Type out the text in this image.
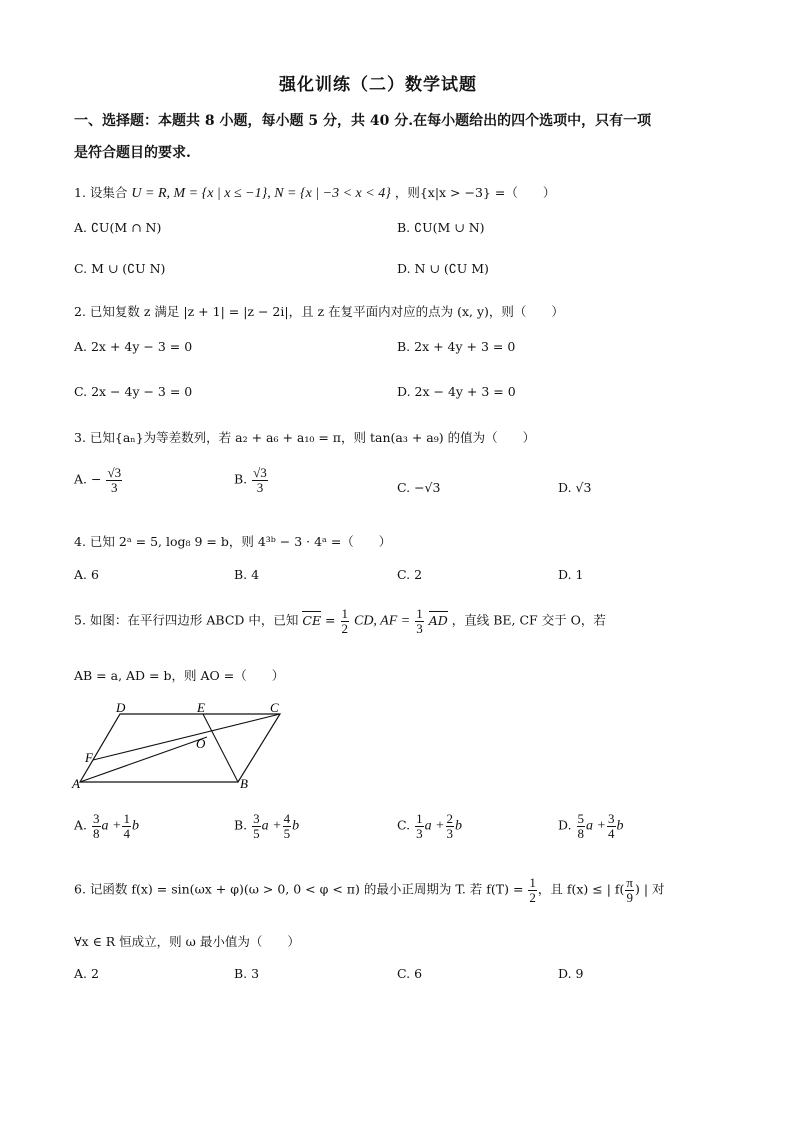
强化训练（二）数学试题
一、选择题：本题共 8 小题，每小题 5 分，共 40 分.在每小题给出的四个选项中，只有一项
是符合题目的要求.
1. 设集合 U = R, M = {x | x ≤ −1}, N = {x | −3 < x < 4} ，则{x|x > −3} =（　　）
A. ∁U(M ∩ N)	B. ∁U(M ∪ N)
C. M ∪ (∁U N)	D. N ∪ (∁U M)
2. 已知复数 z 满足 |z + 1| = |z − 2i|，且 z 在复平面内对应的点为 (x, y)，则（　　）
A. 2x + 4y − 3 = 0	B. 2x + 4y + 3 = 0
C. 2x − 4y − 3 = 0	D. 2x − 4y + 3 = 0
3. 已知{aₙ}为等差数列，若 a₂ + a₆ + a₁₀ = π，则 tan(a₃ + a₉) 的值为（　　）
A. − $\frac{√3}{3}$	B. $\frac{√3}{3}$	C. −√3	D. √3
4. 已知 2ᵃ = 5, log₈ 9 = b，则 4³ᵇ − 3 · 4ᵃ =（　　）
A. 6	B. 4	C. 2	D. 1
5. 如图：在平行四边形 ABCD 中，已知 CE = $\frac{1}{2}$ CD, AF = $\frac{1}{3}$ AD ，直线 BE, CF 交于 O，若
AB = a, AD = b，则 AO =（　　）
D	E	C
O
F
A	B
A. $\frac{3}{8}$ $a + \frac{1}{4}$ b	B. $\frac{3}{5}$ $a + \frac{4}{5}$ b	C. $\frac{1}{3}$ $a + \frac{2}{3}$ b	D. $\frac{5}{8}$ $a + \frac{3}{4}$ b
6. 记函数 f(x) = sin(ωx + φ)(ω > 0, 0 < φ < π) 的最小正周期为 T. 若 $f(T) = \frac{1}{2}$ ，且 f(x) ≤ | $f( \frac{\pi}{9}$ ) | 对
∀x ∈ R 恒成立，则 ω 最小值为（　　）
A. 2	B. 3	C. 6	D. 9
